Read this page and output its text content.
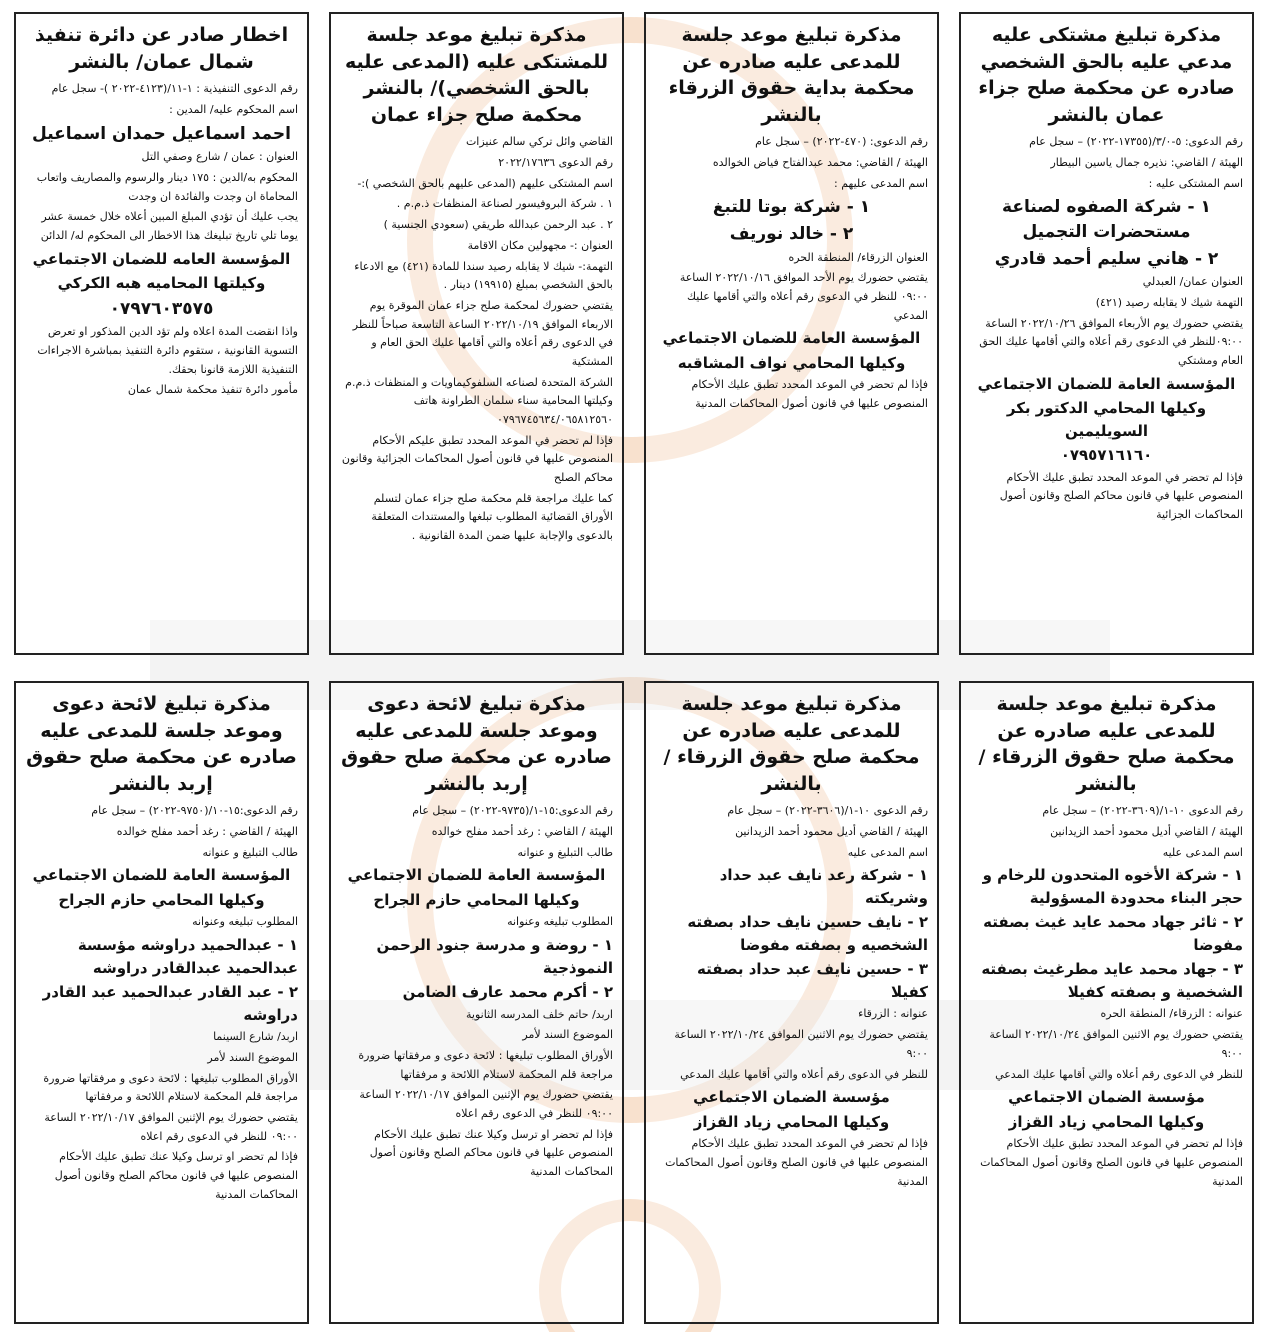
مذكرة تبليغ مشتكى عليه مدعي عليه بالحق الشخصي صادره عن محكمة صلح جزاء عمان بالنشر
رقم الدعوى: ٥-٣/٠/(١٧٣٥٥-٢٠٢٢) – سجل عام
الهيئة / القاضي: نذيره جمال ياسين البيطار
اسم المشتكى عليه :
١ - شركة الصفوه لصناعة مستحضرات التجميل
٢ - هاني سليم أحمد قادري
العنوان عمان/ العبدلي
التهمة شيك لا يقابله رصيد (٤٢١)
يقتضي حضورك يوم الأربعاء الموافق ٢٠٢٢/١٠/٢٦ الساعة ٠٩:٠٠للنظر في الدعوى رقم أعلاه والتي أقامها عليك الحق العام ومشتكي
المؤسسة العامة للضمان الاجتماعي
وكيلها المحامي الدكتور بكر السويليمين
٠٧٩٥٧١٦١٦٠
فإذا لم تحضر في الموعد المحدد تطبق عليك الأحكام المنصوص عليها في قانون محاكم الصلح وقانون أصول المحاكمات الجزائية
مذكرة تبليغ موعد جلسة للمدعى عليه صادره عن محكمة بداية حقوق الزرقاء بالنشر
رقم الدعوى: (٤٧٠-٢٠٢٢) – سجل عام
الهيئة / القاضي: محمد عبدالفتاح فياض الخوالده
اسم المدعى عليهم :
١ - شركة بوتا للتبغ
٢ - خالد نوريف
العنوان الزرقاء/ المنطقة الحره
يقتضي حضورك يوم الأحد الموافق ٢٠٢٢/١٠/١٦ الساعة ٠٩:٠٠ للنظر في الدعوى رقم أعلاه والتي أقامها عليك المدعي
المؤسسة العامة للضمان الاجتماعي
وكيلها المحامي نواف المشاقبه
فإذا لم تحضر في الموعد المحدد تطبق عليك الأحكام المنصوص عليها في قانون أصول المحاكمات المدنية
مذكرة تبليغ موعد جلسة للمشتكى عليه (المدعى عليه بالحق الشخصي)/ بالنشر محكمة صلح جزاء عمان
القاضي وائل تركي سالم عنيزات
رقم الدعوى ٢٠٢٢/١٧٦٣٦
اسم المشتكى عليهم (المدعى عليهم بالحق الشخصي ):-
١ . شركة البروفيسور لصناعة المنظفات ذ.م.م .
٢ . عبد الرحمن عبدالله طريقي (سعودي الجنسية )
العنوان :- مجهولين مكان الاقامة
التهمة:- شيك لا يقابله رصيد سندا للمادة (٤٢١) مع الادعاء بالحق الشخصي بمبلغ (١٩٩١٥) دينار .
يقتضي حضورك لمحكمة صلح جزاء عمان الموقرة يوم الاربعاء الموافق ٢٠٢٢/١٠/١٩ الساعة التاسعة صباحاً للنظر في الدعوى رقم أعلاه والتي أقامها عليك الحق العام و المشتكية
الشركة المتحدة لصناعه السلفوكيماويات و المنظفات ذ.م.م وكيلتها المحامية سناء سلمان الطراونة هاتف ٠٧٩٦٧٤٥٦٣٤/٠٦٥٨١٢٥٦٠
فإذا لم تحضر في الموعد المحدد تطبق عليكم الأحكام المنصوص عليها في قانون أصول المحاكمات الجزائية وقانون محاكم الصلح
كما عليك مراجعة قلم محكمة صلح جزاء عمان لتسلم الأوراق القضائية المطلوب تبلغها والمستندات المتعلقة بالدعوى والإجابة عليها ضمن المدة القانونية .
اخطار صادر عن دائرة تنفيذ شمال عمان/ بالنشر
رقم الدعوى التنفيذية : ١-١١/(٤١٢٣-٢٠٢٢ )- سجل عام
اسم المحكوم عليه/ المدين :
احمد اسماعيل حمدان اسماعيل
العنوان : عمان / شارع وصفي التل
المحكوم به/الدين : ١٧٥ دينار والرسوم والمصاريف واتعاب المحاماة ان وجدت والفائدة ان وجدت
يجب عليك أن تؤدي المبلغ المبين أعلاه خلال خمسة عشر يوما تلي تاريخ تبليغك هذا الاخطار الى المحكوم له/ الدائن
المؤسسة العامه للضمان الاجتماعي
وكيلتها المحاميه هبه الكركي
٠٧٩٧٦٠٣٥٧٥
واذا انقضت المدة اعلاه ولم تؤد الدين المذكور او تعرض التسوية القانونية ، ستقوم دائرة التنفيذ بمباشرة الاجراءات التنفيذية اللازمة قانونا بحقك.
مأمور دائرة تنفيذ محكمة شمال عمان
مذكرة تبليغ موعد جلسة للمدعى عليه صادره عن محكمة صلح حقوق الزرقاء / بالنشر
رقم الدعوى ١٠-١/(٣٦٠٩-٢٠٢٢) – سجل عام
الهيئة / القاضي أديل محمود أحمد الزيدانين
اسم المدعى عليه
١ - شركة الأخوه المتحدون للرخام و حجر البناء محدودة المسؤولية
٢ - ثائر جهاد محمد عايد غيث بصفته مفوضا
٣ - جهاد محمد عايد مطرغيث بصفته الشخصية و بصفته كفيلا
عنوانه : الزرقاء/ المنطقة الحره
يقتضي حضورك يوم الاثنين الموافق ٢٠٢٢/١٠/٢٤ الساعة ٩:٠٠
للنظر في الدعوى رقم أعلاه والتي أقامها عليك المدعي
مؤسسة الضمان الاجتماعي
وكيلها المحامي زياد القزاز
فإذا لم تحضر في الموعد المحدد تطبق عليك الأحكام المنصوص عليها في قانون الصلح وقانون أصول المحاكمات المدنية
مذكرة تبليغ موعد جلسة للمدعى عليه صادره عن محكمة صلح حقوق الزرقاء / بالنشر
رقم الدعوى ١٠-١/(٣٦٠٦-٢٠٢٢) – سجل عام
الهيئة / القاضي أديل محمود أحمد الزيدانين
اسم المدعى عليه
١ - شركة رعد نايف عبد حداد وشريكته
٢ - نايف حسين نايف حداد بصفته الشخصيه و بصفته مفوضا
٣ - حسين نايف عبد حداد بصفته كفيلا
عنوانه : الزرقاء
يقتضي حضورك يوم الاثنين الموافق ٢٠٢٢/١٠/٢٤ الساعة ٩:٠٠
للنظر في الدعوى رقم أعلاه والتي أقامها عليك المدعي
مؤسسة الضمان الاجتماعي
وكيلها المحامي زياد القزاز
فإذا لم تحضر في الموعد المحدد تطبق عليك الأحكام المنصوص عليها في قانون الصلح وقانون أصول المحاكمات المدنية
مذكرة تبليغ لائحة دعوى وموعد جلسة للمدعى عليه صادره عن محكمة صلح حقوق إربد بالنشر
رقم الدعوى:١٥-١/(٩٧٣٥-٢٠٢٢) – سجل عام
الهيئة / القاضي : رغد أحمد مفلح خوالده
طالب التبليغ و عنوانه
المؤسسة العامة للضمان الاجتماعي
وكيلها المحامي حازم الجراح
المطلوب تبليغه وعنوانه
١ - روضة و مدرسة جنود الرحمن النموذجية
٢ - أكرم محمد عارف الضامن
اربد/ حاتم خلف المدرسه الثانوية
الموضوع السند لأمر
الأوراق المطلوب تبليغها : لائحة دعوى و مرفقاتها ضرورة مراجعة قلم المحكمة لاستلام اللائحة و مرفقاتها
يقتضي حضورك يوم الإثنين الموافق ٢٠٢٢/١٠/١٧ الساعة ٠٩:٠٠ للنظر في الدعوى رقم اعلاه
فإذا لم تحضر او ترسل وكيلا عنك تطبق عليك الأحكام المنصوص عليها في قانون محاكم الصلح وقانون أصول المحاكمات المدنية
مذكرة تبليغ لائحة دعوى وموعد جلسة للمدعى عليه صادره عن محكمة صلح حقوق إربد بالنشر
رقم الدعوى:١٥-١٠/(٩٧٥٠-٢٠٢٢) – سجل عام
الهيئة / القاضي : رغد أحمد مفلح خوالده
طالب التبليغ و عنوانه
المؤسسة العامة للضمان الاجتماعي
وكيلها المحامي حازم الجراح
المطلوب تبليغه وعنوانه
١ - عبدالحميد دراوشه مؤسسة عبدالحميد عبدالقادر دراوشه
٢ - عبد القادر عبدالحميد عبد القادر دراوشه
اربد/ شارع السينما
الموضوع السند لأمر
الأوراق المطلوب تبليغها : لائحة دعوى و مرفقاتها ضرورة مراجعة قلم المحكمة لاستلام اللائحة و مرفقاتها
يقتضي حضورك يوم الإثنين الموافق ٢٠٢٢/١٠/١٧ الساعة ٠٩:٠٠ للنظر في الدعوى رقم اعلاه
فإذا لم تحضر او ترسل وكيلا عنك تطبق عليك الأحكام المنصوص عليها في قانون محاكم الصلح وقانون أصول المحاكمات المدنية
